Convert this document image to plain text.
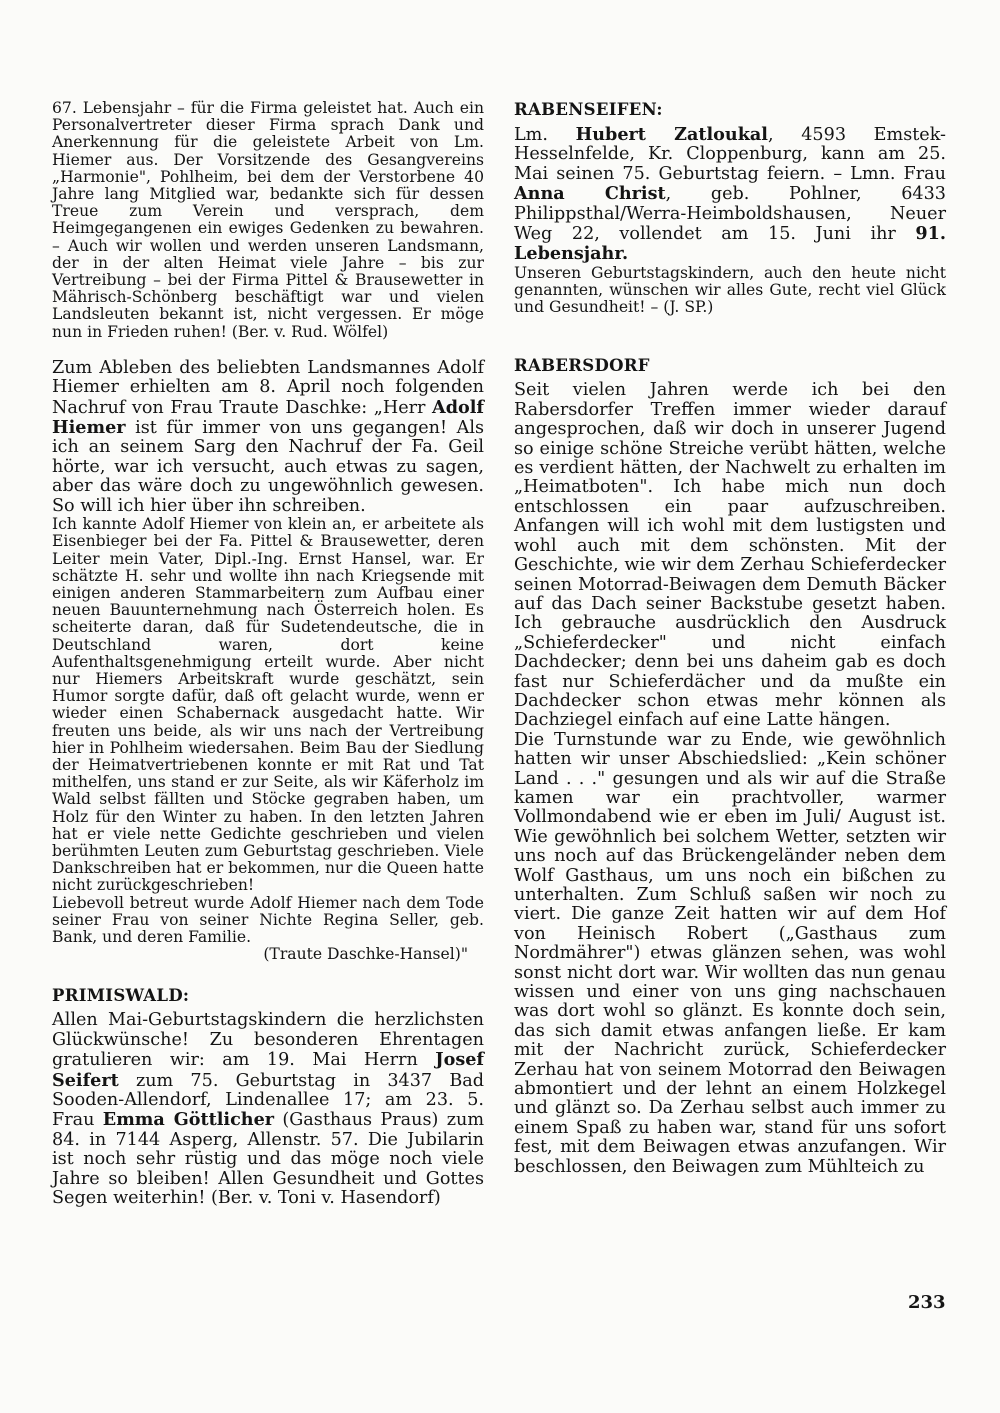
67. Lebensjahr – für die Firma geleistet hat. Auch ein Personalvertreter dieser Firma sprach Dank und Anerkennung für die geleistete Arbeit von Lm. Hiemer aus. Der Vorsitzende des Gesangvereins „Harmonie", Pohlheim, bei dem der Verstorbene 40 Jahre lang Mitglied war, bedankte sich für dessen Treue zum Verein und versprach, dem Heimgegangenen ein ewiges Gedenken zu bewahren. – Auch wir wollen und werden unseren Landsmann, der in der alten Heimat viele Jahre – bis zur Vertreibung – bei der Firma Pittel & Brausewetter in Mährisch-Schönberg beschäftigt war und vielen Landsleuten bekannt ist, nicht vergessen. Er möge nun in Frieden ruhen! (Ber. v. Rud. Wölfel)

Zum Ableben des beliebten Landsmannes Adolf Hiemer erhielten am 8. April noch folgenden Nachruf von Frau Traute Daschke: „Herr Adolf Hiemer ist für immer von uns gegangen! Als ich an seinem Sarg den Nachruf der Fa. Geil hörte, war ich versucht, auch etwas zu sagen, aber das wäre doch zu ungewöhnlich gewesen. So will ich hier über ihn schreiben.

Ich kannte Adolf Hiemer von klein an, er arbeitete als Eisenbieger bei der Fa. Pittel & Brausewetter, deren Leiter mein Vater, Dipl.-Ing. Ernst Hansel, war. Er schätzte H. sehr und wollte ihn nach Kriegsende mit einigen anderen Stammarbeitern zum Aufbau einer neuen Bauunternehmung nach Österreich holen. Es scheiterte daran, daß für Sudetendeutsche, die in Deutschland waren, dort keine Aufenthaltsgenehmigung erteilt wurde. Aber nicht nur Hiemers Arbeitskraft wurde geschätzt, sein Humor sorgte dafür, daß oft gelacht wurde, wenn er wieder einen Schabernack ausgedacht hatte. Wir freuten uns beide, als wir uns nach der Vertreibung hier in Pohlheim wiedersahen. Beim Bau der Siedlung der Heimatvertriebenen konnte er mit Rat und Tat mithelfen, uns stand er zur Seite, als wir Käferholz im Wald selbst fällten und Stöcke gegraben haben, um Holz für den Winter zu haben. In den letzten Jahren hat er viele nette Gedichte geschrieben und vielen berühmten Leuten zum Geburtstag geschrieben. Viele Dankschreiben hat er bekommen, nur die Queen hatte nicht zurückgeschrieben!

Liebevoll betreut wurde Adolf Hiemer nach dem Tode seiner Frau von seiner Nichte Regina Seller, geb. Bank, und deren Familie.

(Traute Daschke-Hansel)"

PRIMISWALD:

Allen Mai-Geburtstagskindern die herzlichsten Glückwünsche! Zu besonderen Ehrentagen gratulieren wir: am 19. Mai Herrn Josef Seifert zum 75. Geburtstag in 3437 Bad Sooden-Allendorf, Lindenallee 17; am 23. 5. Frau Emma Göttlicher (Gasthaus Praus) zum 84. in 7144 Asperg, Allenstr. 57. Die Jubilarin ist noch sehr rüstig und das möge noch viele Jahre so bleiben! Allen Gesundheit und Gottes Segen weiterhin! (Ber. v. Toni v. Hasendorf)

RABENSEIFEN:

Lm. Hubert Zatloukal, 4593 Emstek-Hesselnfelde, Kr. Cloppenburg, kann am 25. Mai seinen 75. Geburtstag feiern. – Lmn. Frau Anna Christ, geb. Pohlner, 6433 Philippsthal/Werra-Heimboldshausen, Neuer Weg 22, vollendet am 15. Juni ihr 91. Lebensjahr.

Unseren Geburtstagskindern, auch den heute nicht genannten, wünschen wir alles Gute, recht viel Glück und Gesundheit! – (J. SP.)

RABERSDORF

Seit vielen Jahren werde ich bei den Rabersdorfer Treffen immer wieder darauf angesprochen, daß wir doch in unserer Jugend so einige schöne Streiche verübt hätten, welche es verdient hätten, der Nachwelt zu erhalten im „Heimatboten". Ich habe mich nun doch entschlossen ein paar aufzuschreiben. Anfangen will ich wohl mit dem lustigsten und wohl auch mit dem schönsten. Mit der Geschichte, wie wir dem Zerhau Schieferdecker seinen Motorrad-Beiwagen dem Demuth Bäcker auf das Dach seiner Backstube gesetzt haben. Ich gebrauche ausdrücklich den Ausdruck „Schieferdecker" und nicht einfach Dachdecker; denn bei uns daheim gab es doch fast nur Schieferdächer und da mußte ein Dachdecker schon etwas mehr können als Dachziegel einfach auf eine Latte hängen.

Die Turnstunde war zu Ende, wie gewöhnlich hatten wir unser Abschiedslied: „Kein schöner Land . . ." gesungen und als wir auf die Straße kamen war ein prachtvoller, warmer Vollmondabend wie er eben im Juli/ August ist. Wie gewöhnlich bei solchem Wetter, setzten wir uns noch auf das Brückengeländer neben dem Wolf Gasthaus, um uns noch ein bißchen zu unterhalten. Zum Schluß saßen wir noch zu viert. Die ganze Zeit hatten wir auf dem Hof von Heinisch Robert („Gasthaus zum Nordmährer") etwas glänzen sehen, was wohl sonst nicht dort war. Wir wollten das nun genau wissen und einer von uns ging nachschauen was dort wohl so glänzt. Es konnte doch sein, das sich damit etwas anfangen ließe. Er kam mit der Nachricht zurück, Schieferdecker Zerhau hat von seinem Motorrad den Beiwagen abmontiert und der lehnt an einem Holzkegel und glänzt so. Da Zerhau selbst auch immer zu einem Spaß zu haben war, stand für uns sofort fest, mit dem Beiwagen etwas anzufangen. Wir beschlossen, den Beiwagen zum Mühlteich zu

233
